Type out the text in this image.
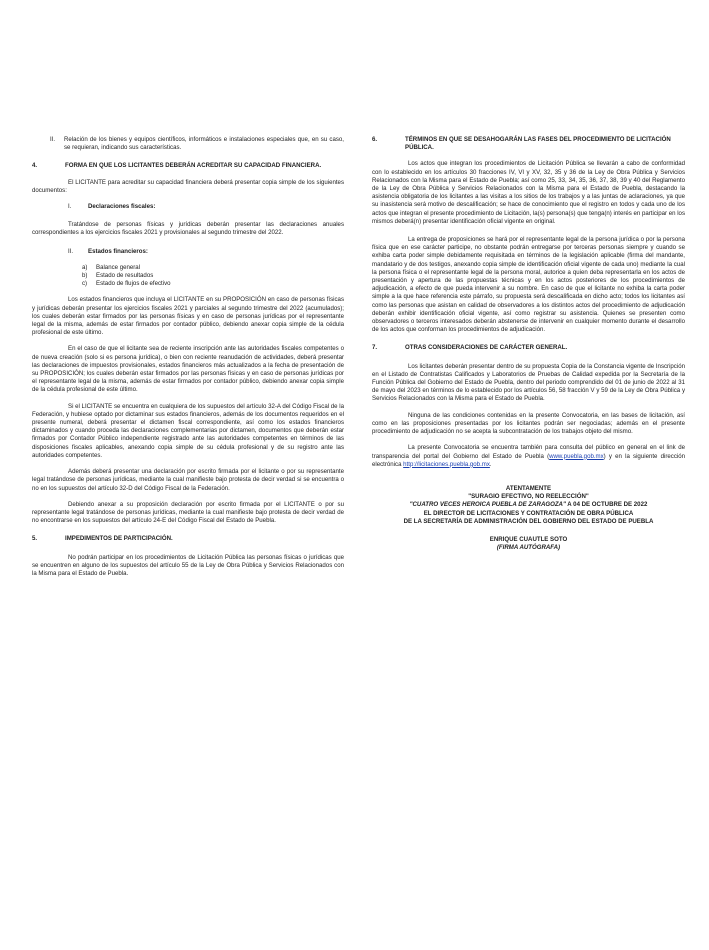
II.	Relación de los bienes y equipos científicos, informáticos e instalaciones especiales que, en su caso, se requieran, indicando sus características.
4.	FORMA EN QUE LOS LICITANTES DEBERÁN ACREDITAR SU CAPACIDAD FINANCIERA.

El LICITANTE para acreditar su capacidad financiera deberá presentar copia simple de los siguientes documentos:

I.	Declaraciones fiscales:

Tratándose de personas físicas y jurídicas deberán presentar las declaraciones anuales correspondientes a los ejercicios fiscales 2021 y provisionales al segundo trimestre del 2022.

II.	Estados financieros:
a)	Balance general
b)	Estado de resultados
c)	Estado de flujos de efectivo

Los estados financieros que incluya el LICITANTE en su PROPOSICIÓN en caso de personas físicas y jurídicas deberán presentar los ejercicios fiscales 2021 y parciales al segundo trimestre del 2022 (acumulados); los cuales deberán estar firmados por las personas físicas y en caso de personas jurídicas por el representante legal de la misma, además de estar firmados por contador público, debiendo anexar copia simple de la cédula profesional de este último.

En el caso de que el licitante sea de reciente inscripción ante las autoridades fiscales competentes o de nueva creación (solo si es persona jurídica), o bien con reciente reanudación de actividades, deberá presentar las declaraciones de impuestos provisionales, estados financieros más actualizados a la fecha de presentación de su PROPOSICIÓN; los cuales deberán estar firmados por las personas físicas y en caso de personas jurídicas por el representante legal de la misma, además de estar firmados por contador público, debiendo anexar copia simple de la cédula profesional de este último.

Si el LICITANTE se encuentra en cualquiera de los supuestos del artículo 32-A del Código Fiscal de la Federación, y hubiese optado por dictaminar sus estados financieros, además de los documentos requeridos en el presente numeral, deberá presentar el dictamen fiscal correspondiente, así como los estados financieros dictaminados y cuando proceda las declaraciones complementarias por dictamen, documentos que deberán estar firmados por Contador Público independiente registrado ante las autoridades competentes en términos de las disposiciones fiscales aplicables, anexando copia simple de su cédula profesional y de su registro ante las autoridades competentes.

Además deberá presentar una declaración por escrito firmada por el licitante o por su representante legal tratándose de personas jurídicas, mediante la cual manifieste bajo protesta de decir verdad si se encuentra o no en los supuestos del artículo 32-D del Código Fiscal de la Federación.

Debiendo anexar a su proposición declaración por escrito firmada por el LICITANTE o por su representante legal tratándose de personas jurídicas, mediante la cual manifieste bajo protesta de decir verdad de no encontrarse en los supuestos del artículo 24-E del Código Fiscal del Estado de Puebla.

5.	IMPEDIMENTOS DE PARTICIPACIÓN.

No podrán participar en los procedimientos de Licitación Pública las personas físicas o jurídicas que se encuentren en alguno de los supuestos del artículo 55 de la Ley de Obra Pública y Servicios Relacionados con la Misma para el Estado de Puebla.

6.	TÉRMINOS EN QUE SE DESAHOGARÁN LAS FASES DEL PROCEDIMIENTO DE LICITACIÓN PÚBLICA.

Los actos que integran los procedimientos de Licitación Pública se llevarán a cabo de conformidad con lo establecido en los artículos 30 fracciones IV, VI y XV, 32, 35 y 36 de la Ley de Obra Pública y Servicios Relacionados con la Misma para el Estado de Puebla; así como 25, 33, 34, 35, 36, 37, 38, 39 y 40 del Reglamento de la Ley de Obra Pública y Servicios Relacionados con la Misma para el Estado de Puebla, destacando la asistencia obligatoria de los licitantes a las visitas a los sitios de los trabajos y a las juntas de aclaraciones, ya que su inasistencia será motivo de descalificación; se hace de conocimiento que el registro en todos y cada uno de los actos que integran el presente procedimiento de Licitación, la(s) persona(s) que tenga(n) interés en participar en los mismos deberá(n) presentar identificación oficial vigente en original.

La entrega de proposiciones se hará por el representante legal de la persona jurídica o por la persona física que en ese carácter participe, no obstante podrán entregarse por terceras personas siempre y cuando se exhiba carta poder simple debidamente requisitada en términos de la legislación aplicable (firma del mandante, mandatario y de dos testigos, anexando copia simple de identificación oficial vigente de cada uno) mediante la cual la persona física o el representante legal de la persona moral, autorice a quien deba representarla en los actos de presentación y apertura de las propuestas técnicas y en los actos posteriores de los procedimientos de adjudicación, a efecto de que pueda intervenir a su nombre. En caso de que el licitante no exhiba la carta poder simple a la que hace referencia este párrafo, su propuesta será descalificada en dicho acto; todos los licitantes así como las personas que asistan en calidad de observadores a los distintos actos del procedimiento de adjudicación deberán exhibir identificación oficial vigente, así como registrar su asistencia. Quienes se presenten como observadores o terceros interesados deberán abstenerse de intervenir en cualquier momento durante el desarrollo de los actos que conforman los procedimientos de adjudicación.

7.	OTRAS CONSIDERACIONES DE CARÁCTER GENERAL.

Los licitantes deberán presentar dentro de su propuesta Copia de la Constancia vigente de Inscripción en el Listado de Contratistas Calificados y Laboratorios de Pruebas de Calidad expedida por la Secretaría de la Función Pública del Gobierno del Estado de Puebla, dentro del periodo comprendido del 01 de junio de 2022 al 31 de mayo del 2023 en términos de lo establecido por los artículos 56, 58 fracción V y 59 de la Ley de Obra Pública y Servicios Relacionados con la Misma para el Estado de Puebla.

Ninguna de las condiciones contenidas en la presente Convocatoria, en las bases de licitación, así como en las proposiciones presentadas por los licitantes podrán ser negociadas; además en el presente procedimiento de adjudicación no se acepta la subcontratación de los trabajos objeto del mismo.

La presente Convocatoria se encuentra también para consulta del público en general en el link de transparencia del portal del Gobierno del Estado de Puebla (www.puebla.gob.mx) y en la siguiente dirección electrónica http://licitaciones.puebla.gob.mx.

ATENTAMENTE

"SURAGIO EFECTIVO, NO REELECCIÓN"

"CUATRO VECES HEROICA PUEBLA DE ZARAGOZA" A 04 DE OCTUBRE DE 2022

EL DIRECTOR DE LICITACIONES Y CONTRATACIÓN DE OBRA PÚBLICA

DE LA SECRETARÍA DE ADMINISTRACIÓN DEL GOBIERNO DEL ESTADO DE PUEBLA

ENRIQUE CUAUTLE SOTO

(FIRMA AUTÓGRAFA)
